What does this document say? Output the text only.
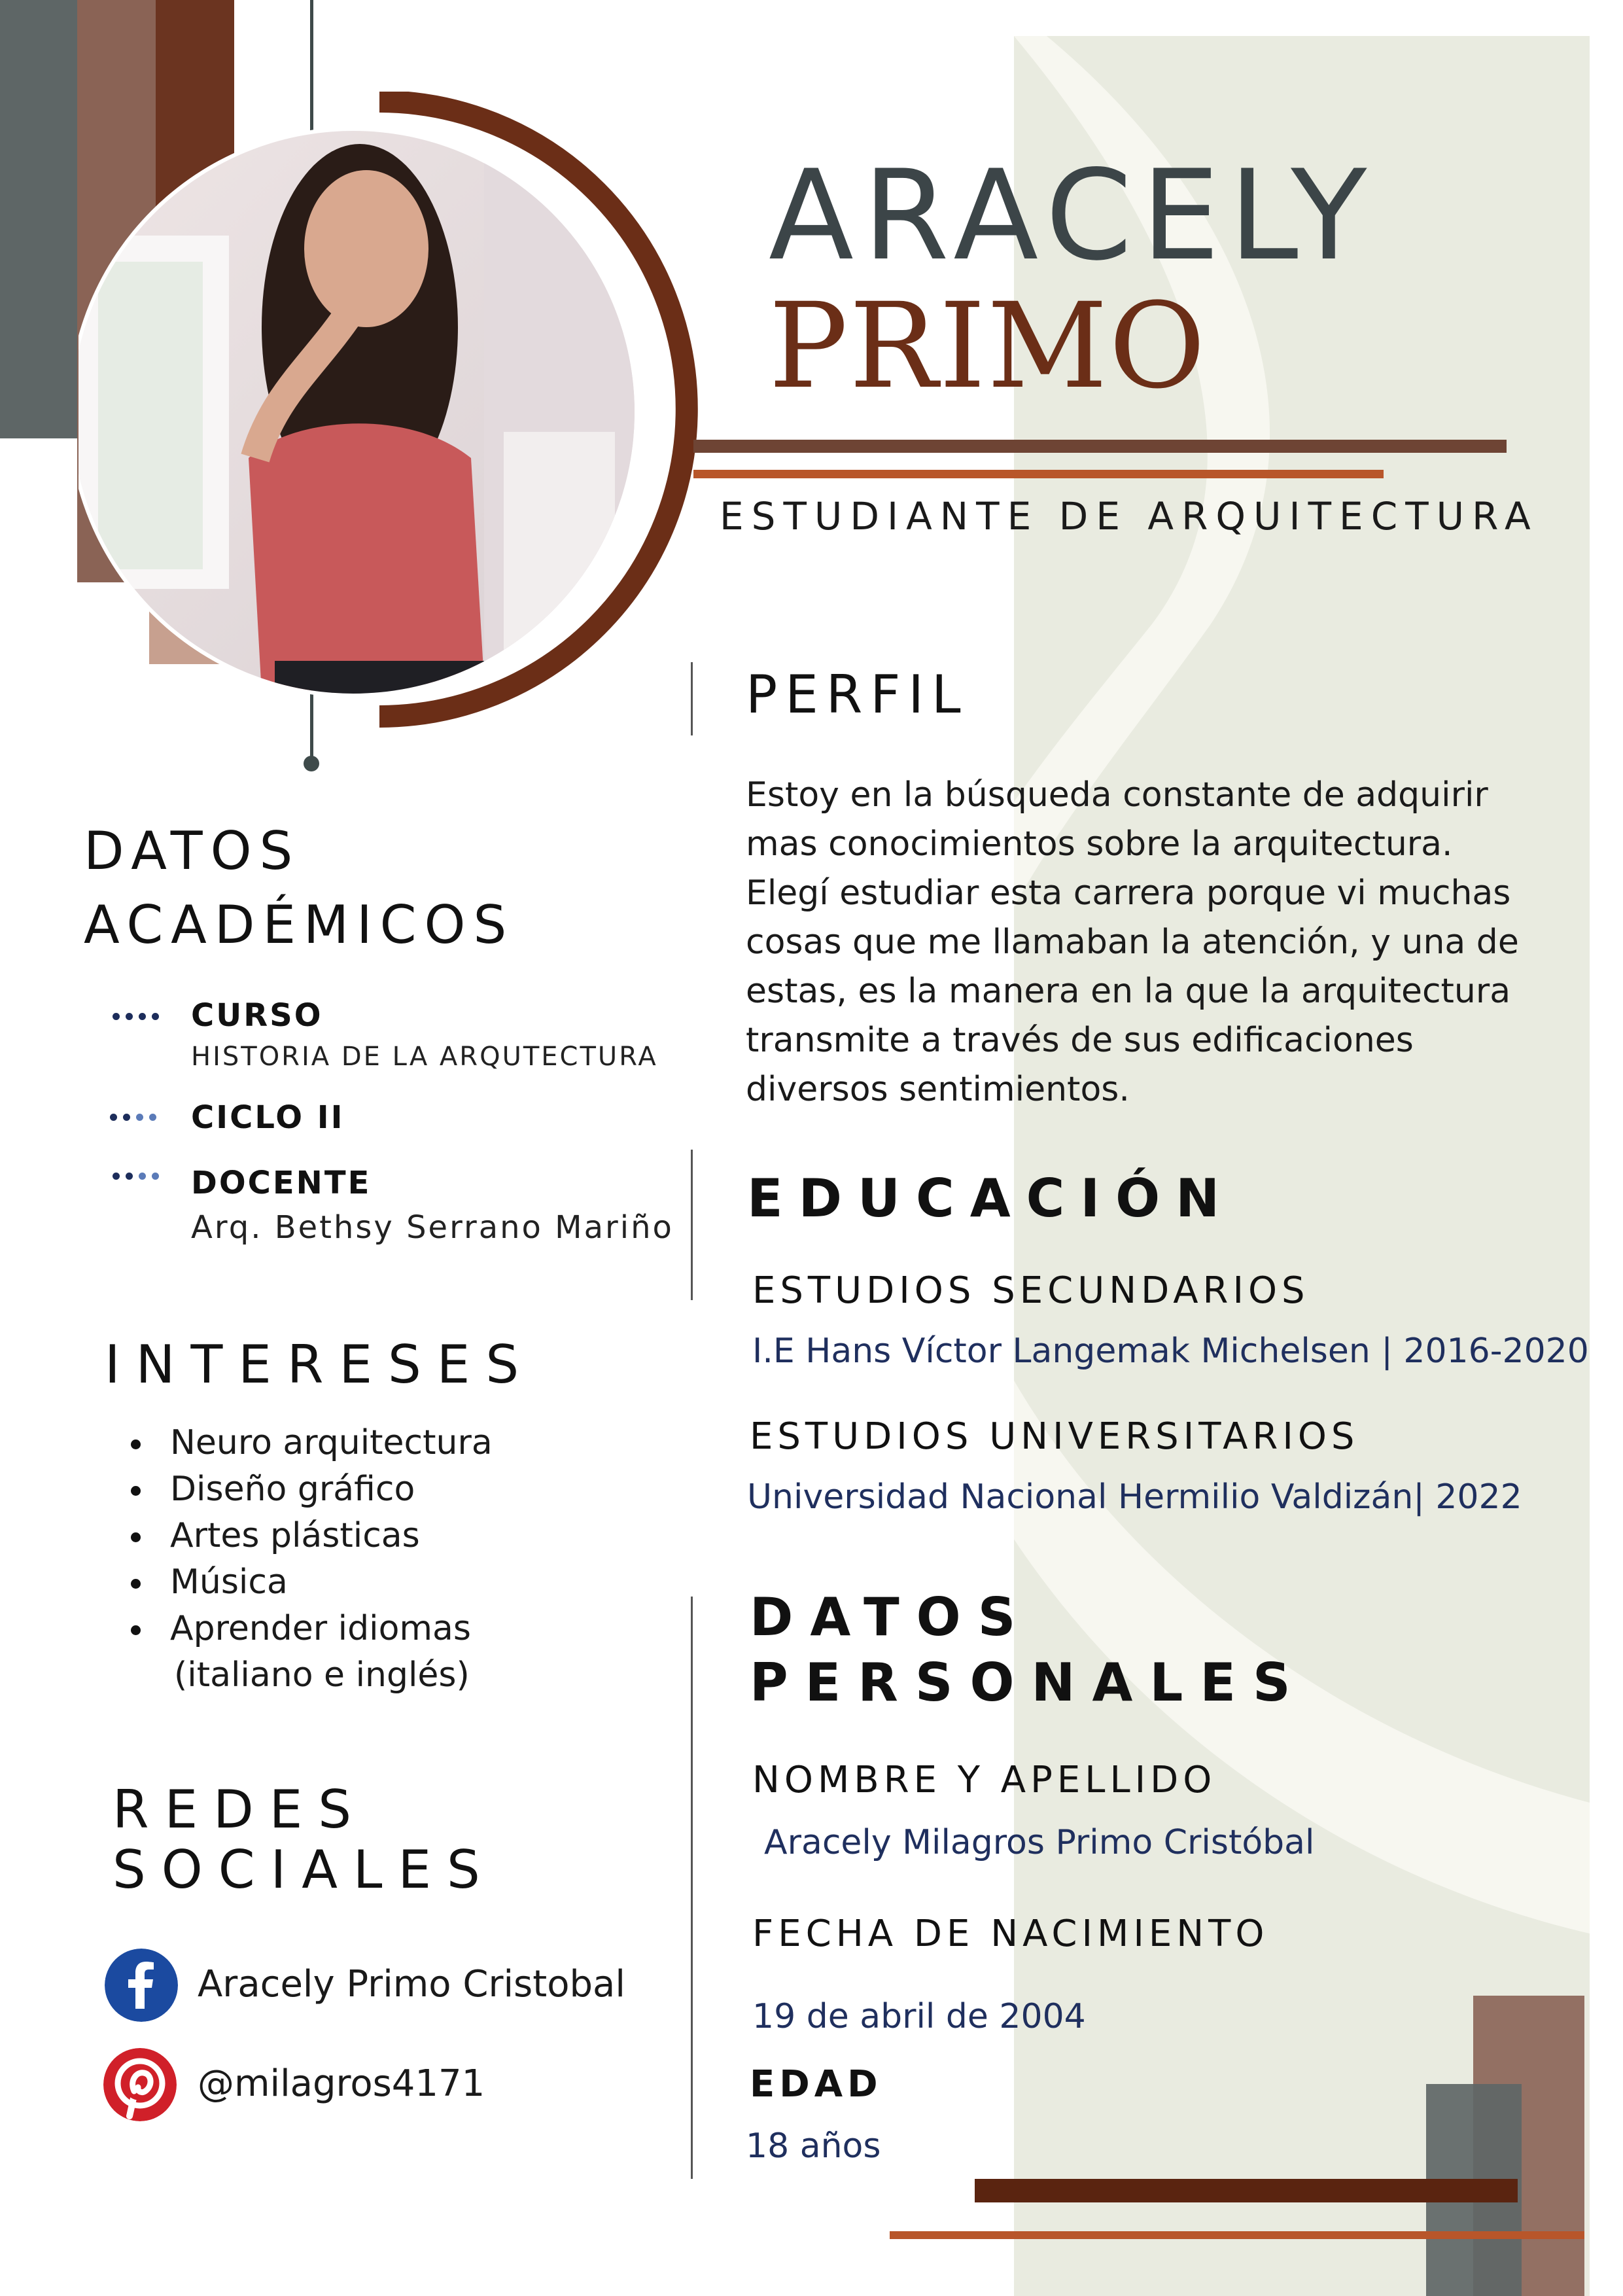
ARACELY
PRIMO
ESTUDIANTE DE ARQUITECTURA
DATOS
ACADÉMICOS
CURSO
HISTORIA DE LA ARQUTECTURA
CICLO II
DOCENTE
Arq. Bethsy Serrano Mariño
INTERESES
Neuro arquitectura
Diseño gráfico
Artes plásticas
Música
Aprender idiomas
(italiano e inglés)
REDES
SOCIALES
Aracely Primo Cristobal
@milagros4171
PERFIL
Estoy en la búsqueda constante de adquirir
mas conocimientos sobre la arquitectura.
Elegí estudiar esta carrera porque vi muchas
cosas que me llamaban la atención, y una de
estas, es la manera en la que la arquitectura
transmite a través de sus edificaciones
diversos sentimientos.
EDUCACIÓN
ESTUDIOS SECUNDARIOS
I.E Hans Víctor Langemak Michelsen | 2016-2020
ESTUDIOS UNIVERSITARIOS
Universidad Nacional Hermilio Valdizán| 2022
DATOS
PERSONALES
NOMBRE Y APELLIDO
Aracely Milagros Primo Cristóbal
FECHA DE NACIMIENTO
19 de abril de 2004
EDAD
18 años
